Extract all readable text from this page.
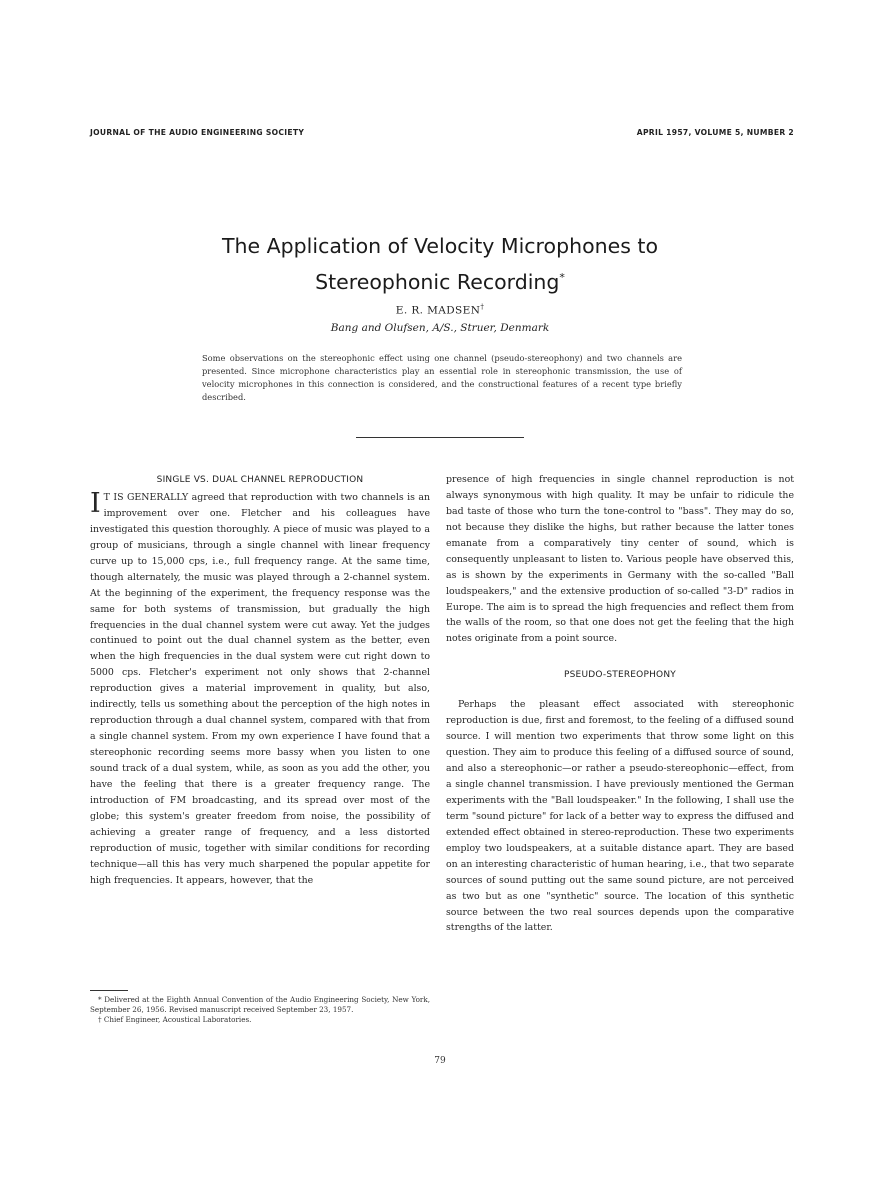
JOURNAL OF THE AUDIO ENGINEERING SOCIETY	APRIL 1957, VOLUME 5, NUMBER 2
The Application of Velocity Microphones to
Stereophonic Recording*
E. R. MADSEN†
Bang and Olufsen, A/S., Struer, Denmark
Some observations on the stereophonic effect using one channel (pseudo-stereophony) and two channels are presented. Since microphone characteristics play an essential role in stereophonic transmission, the use of velocity microphones in this connection is considered, and the constructional features of a recent type briefly described.
SINGLE VS. DUAL CHANNEL REPRODUCTION

I T IS GENERALLY agreed that reproduction with two channels is an improvement over one. Fletcher and his colleagues have investigated this question thoroughly. A piece of music was played to a group of musicians, through a single channel with linear frequency curve up to 15,000 cps, i.e., full frequency range. At the same time, though alternately, the music was played through a 2-channel system. At the beginning of the experiment, the frequency response was the same for both systems of transmission, but gradually the high frequencies in the dual channel system were cut away. Yet the judges continued to point out the dual channel system as the better, even when the high frequencies in the dual system were cut right down to 5000 cps. Fletcher's experiment not only shows that 2-channel reproduction gives a material improvement in quality, but also, indirectly, tells us something about the perception of the high notes in reproduction through a dual channel system, compared with that from a single channel system. From my own experience I have found that a stereophonic recording seems more bassy when you listen to one sound track of a dual system, while, as soon as you add the other, you have the feeling that there is a greater frequency range. The introduction of FM broadcasting, and its spread over most of the globe; this system's greater freedom from noise, the possibility of achieving a greater range of frequency, and a less distorted reproduction of music, together with similar conditions for recording technique—all this has very much sharpened the popular appetite for high frequencies. It appears, however, that the

presence of high frequencies in single channel reproduction is not always synonymous with high quality. It may be unfair to ridicule the bad taste of those who turn the tone-control to "bass". They may do so, not because they dislike the highs, but rather because the latter tones emanate from a comparatively tiny center of sound, which is consequently unpleasant to listen to. Various people have observed this, as is shown by the experiments in Germany with the so-called "Ball loudspeakers," and the extensive production of so-called "3-D" radios in Europe. The aim is to spread the high frequencies and reflect them from the walls of the room, so that one does not get the feeling that the high notes originate from a point source.

PSEUDO-STEREOPHONY

Perhaps the pleasant effect associated with stereophonic reproduction is due, first and foremost, to the feeling of a diffused sound source. I will mention two experiments that throw some light on this question. They aim to produce this feeling of a diffused source of sound, and also a stereophonic—or rather a pseudo-stereophonic—effect, from a single channel transmission. I have previously mentioned the German experiments with the "Ball loudspeaker." In the following, I shall use the term "sound picture" for lack of a better way to express the diffused and extended effect obtained in stereo-reproduction. These two experiments employ two loudspeakers, at a suitable distance apart. They are based on an interesting characteristic of human hearing, i.e., that two separate sources of sound putting out the same sound picture, are not perceived as two but as one "synthetic" source. The location of this synthetic source between the two real sources depends upon the comparative strengths of the latter.

* Delivered at the Eighth Annual Convention of the Audio Engineering Society, New York, September 26, 1956. Revised manuscript received September 23, 1957.

† Chief Engineer, Acoustical Laboratories.

79
